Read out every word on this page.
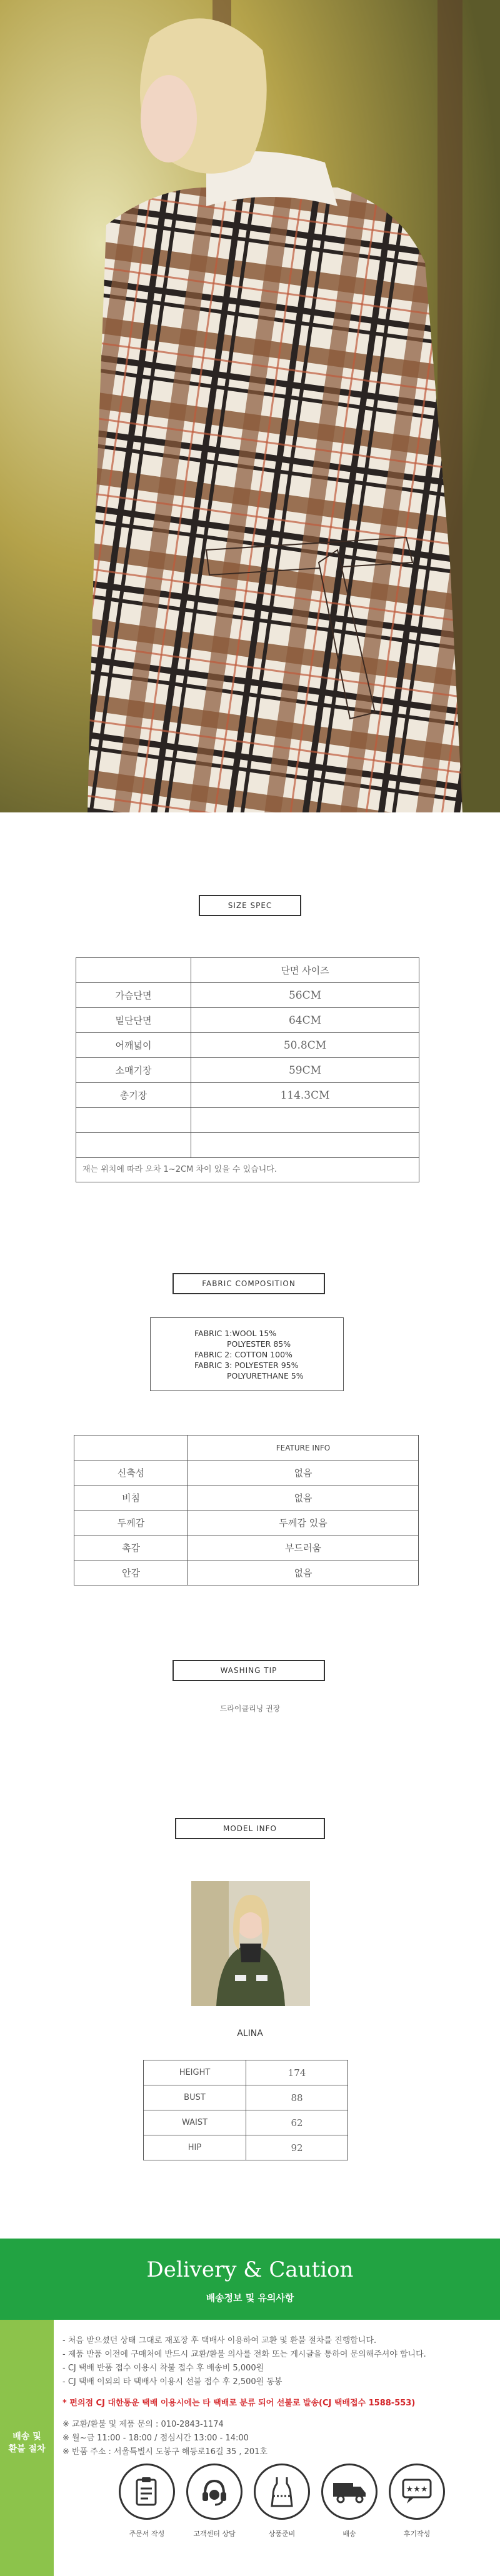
SIZE SPEC
	단면 사이즈
가슴단면	56CM
밑단단면	64CM
어깨넓이	50.8CM
소매기장	59CM
총기장	114.3CM

재는 위치에 따라 오차 1~2CM 차이 있을 수 있습니다.
FABRIC COMPOSITION
FABRIC 1:WOOL 15%
POLYESTER 85%
FABRIC 2: COTTON 100%
FABRIC 3: POLYESTER 95%
POLYURETHANE 5%
	FEATURE INFO
신축성	없음
비침	없음
두께감	두께감 있음
촉감	부드러움
안감	없음
WASHING TIP
드라이클리닝 권장
MODEL INFO
ALINA
HEIGHT	174
BUST	88
WAIST	62
HIP	92
Delivery & Caution
배송정보 및 유의사항
배송 및
환불 절차
- 처음 받으셨던 상태 그대로 재포장 후 택배사 이용하여 교환 및 환불 절차를 진행합니다.
- 제품 반품 이전에 구매처에 반드시 교환/환불 의사를 전화 또는 게시글을 통하여 문의해주셔야 합니다.
- CJ 택배 반품 접수 이용시 착불 접수 후 배송비 5,000원
- CJ 택배 이외의 타 택배사 이용시 선불 접수 후 2,500원 동봉
* 편의점 CJ 대한통운 택배 이용시에는 타 택배로 분류 되어 선불로 발송(CJ 택배접수 1588-553)
※ 교환/환불 및 제품 문의 : 010-2843-1174
※ 월~금 11:00 - 18:00 / 점심시간 13:00 - 14:00
※ 반품 주소 : 서울특별시 도봉구 해등로16길 35 , 201호
주문서 작성	고객센터 상담	상품준비	배송
★★★
후기작성
